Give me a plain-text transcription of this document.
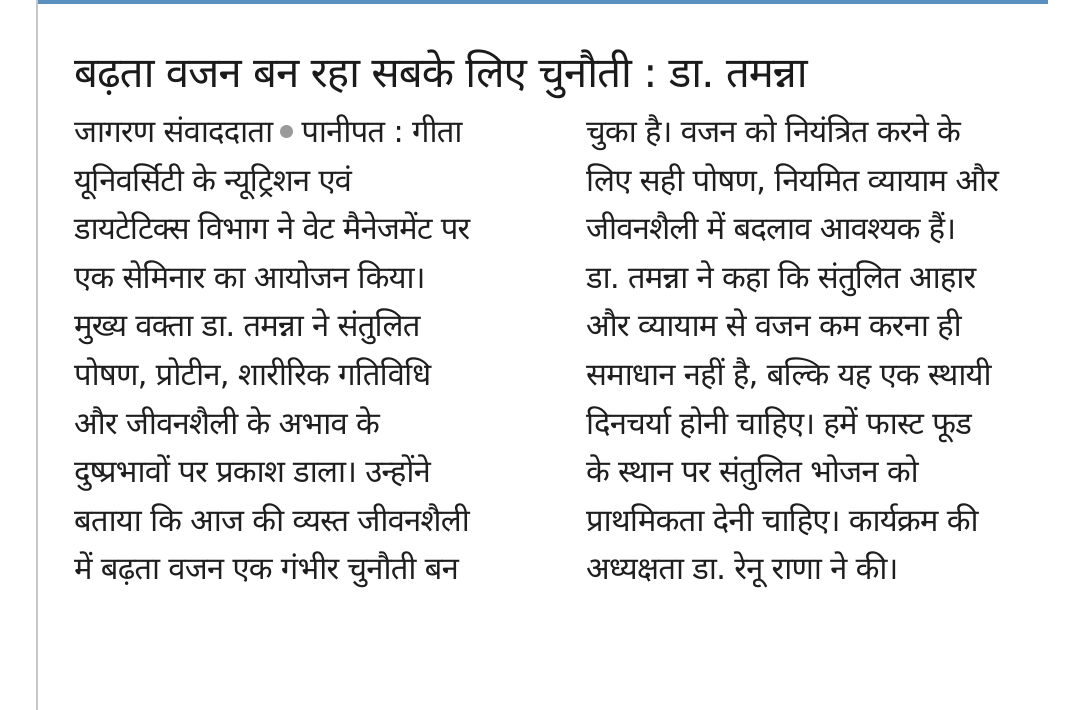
बढ़ता वजन बन रहा सबके लिए चुनौती : डा. तमन्ना
जागरण संवाददाता पानीपत : गीता
यूनिवर्सिटी के न्यूट्रिशन एवं
डायटेटिक्स विभाग ने वेट मैनेजमेंट पर
एक सेमिनार का आयोजन किया।
मुख्य वक्ता डा. तमन्ना ने संतुलित
पोषण, प्रोटीन, शारीरिक गतिविधि
और जीवनशैली के अभाव के
दुष्प्रभावों पर प्रकाश डाला। उन्होंने
बताया कि आज की व्यस्त जीवनशैली
में बढ़ता वजन एक गंभीर चुनौती बन
चुका है। वजन को नियंत्रित करने के
लिए सही पोषण, नियमित व्यायाम और
जीवनशैली में बदलाव आवश्यक हैं।
डा. तमन्ना ने कहा कि संतुलित आहार
और व्यायाम से वजन कम करना ही
समाधान नहीं है, बल्कि यह एक स्थायी
दिनचर्या होनी चाहिए। हमें फास्ट फूड
के स्थान पर संतुलित भोजन को
प्राथमिकता देनी चाहिए। कार्यक्रम की
अध्यक्षता डा. रेनू राणा ने की।
